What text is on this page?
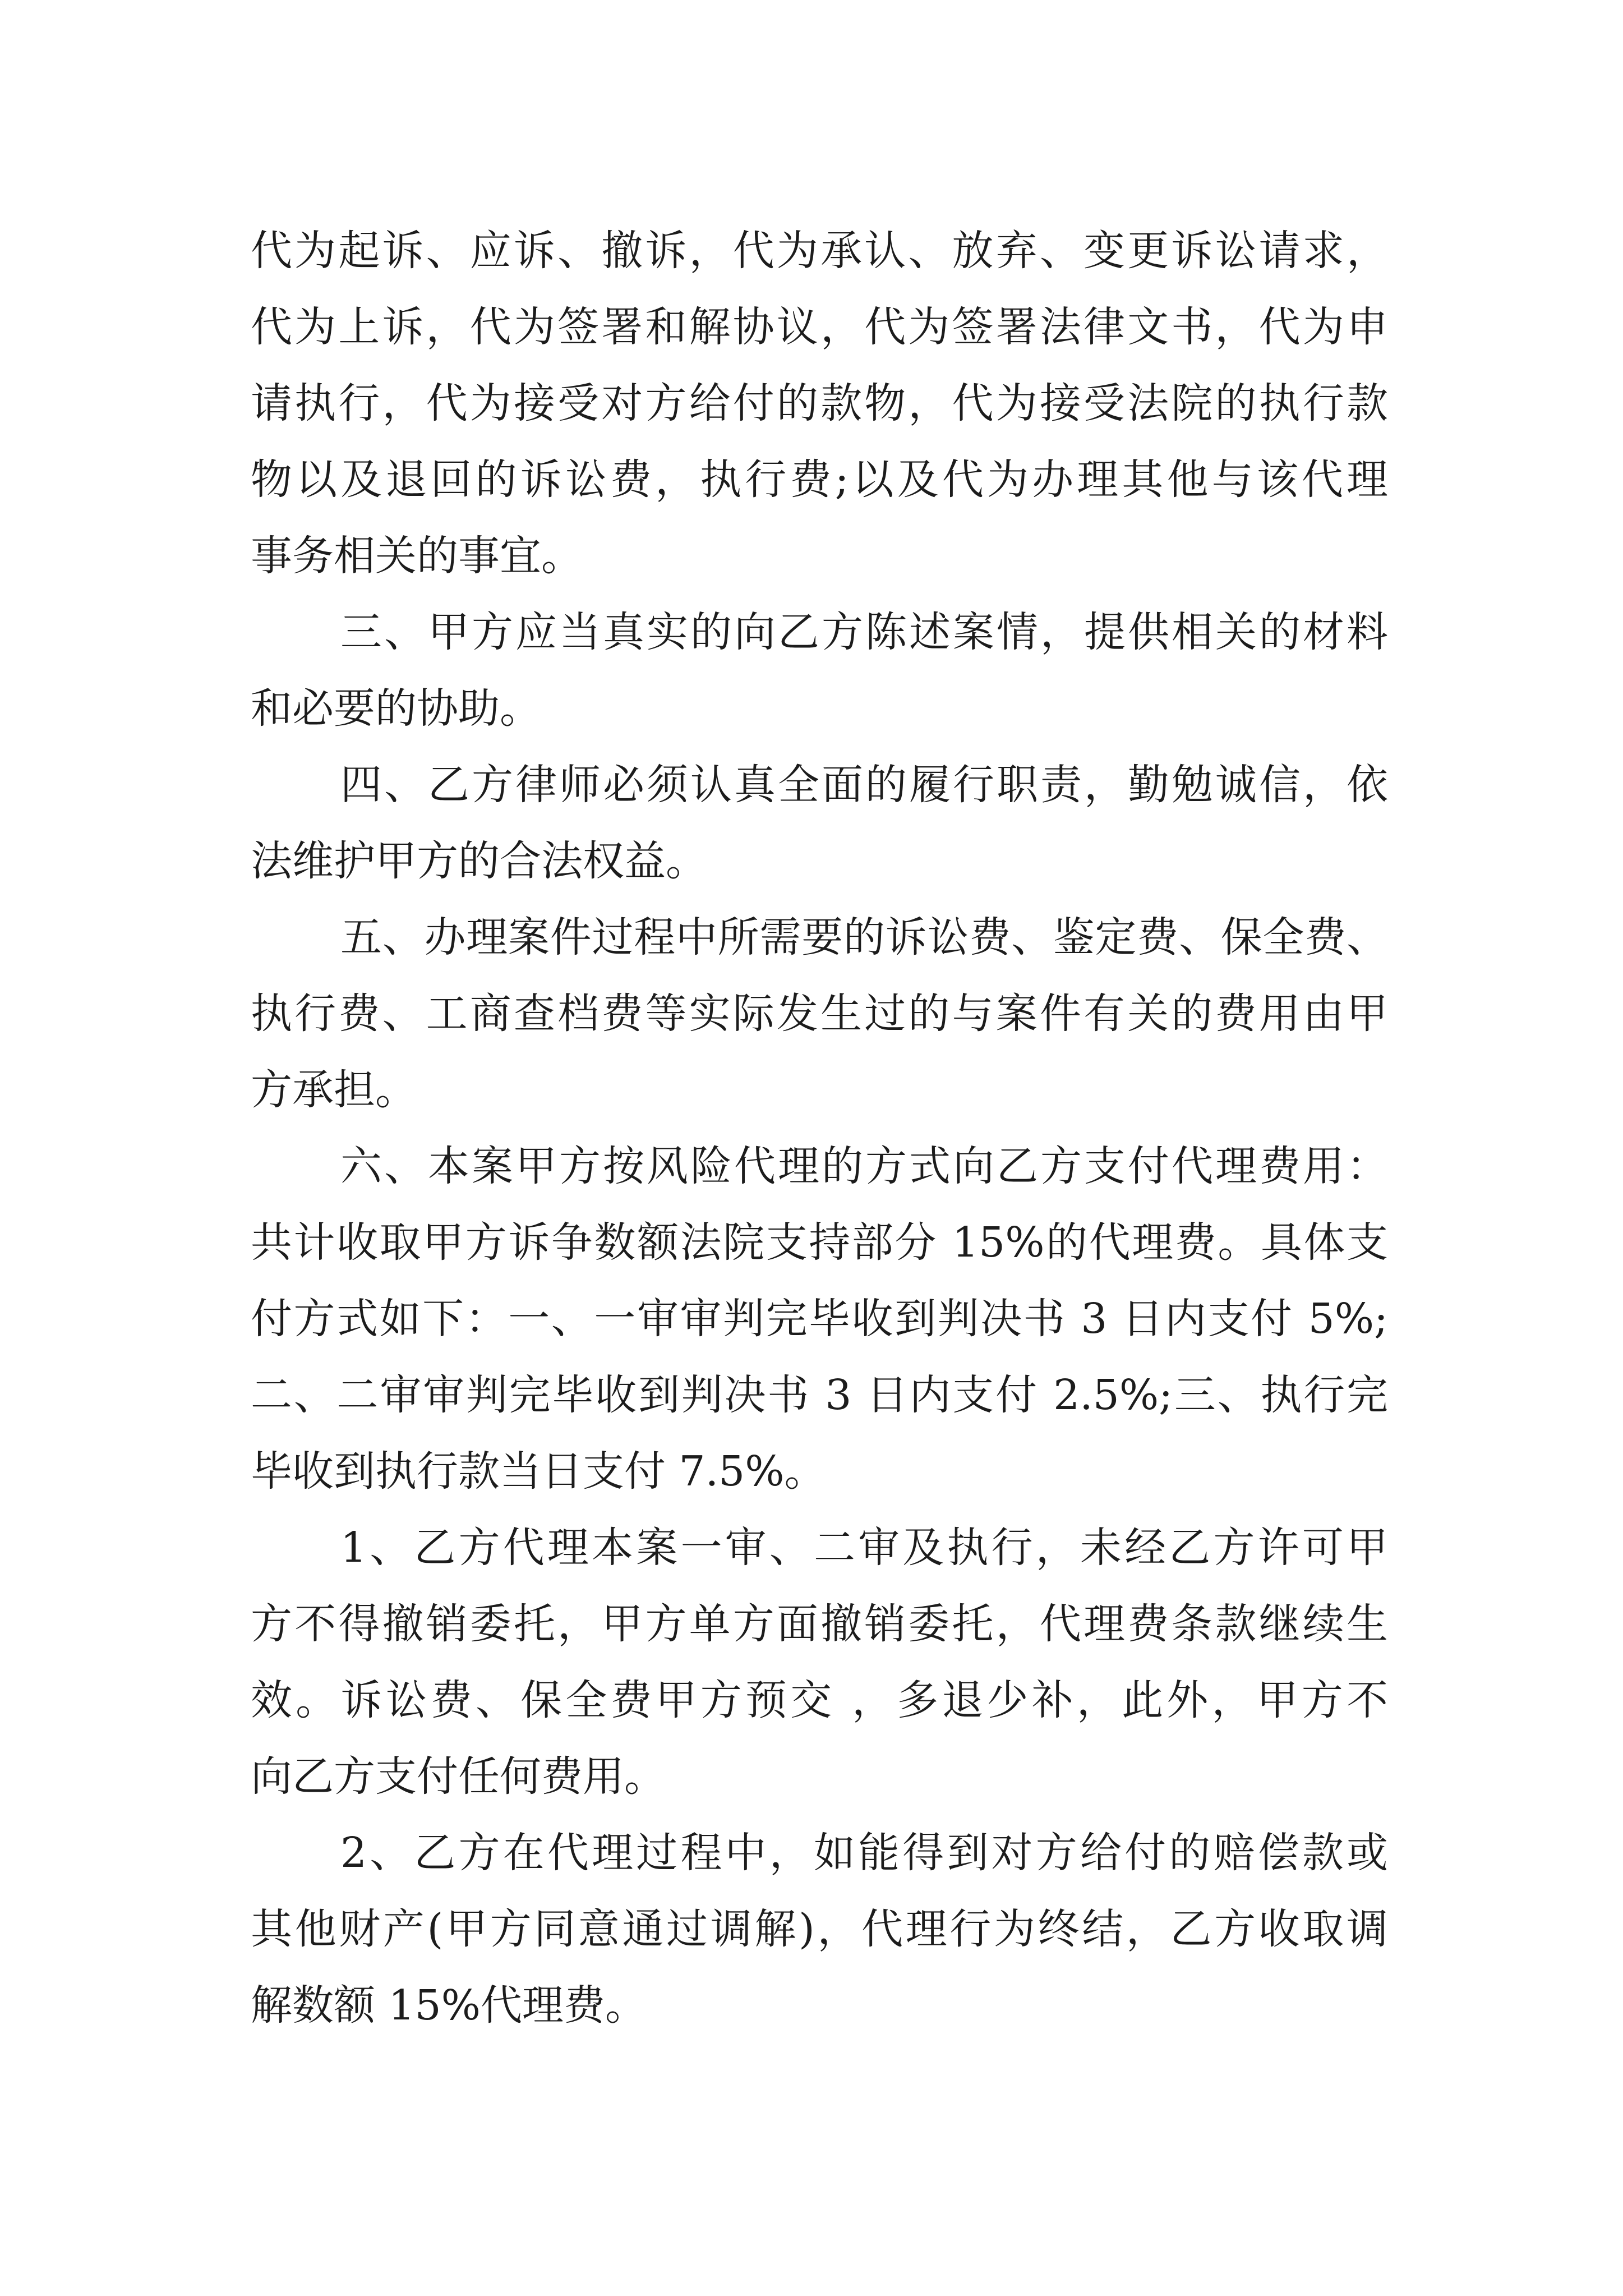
代为起诉、应诉、撤诉，代为承认、放弃、变更诉讼请求，
代为上诉，代为签署和解协议，代为签署法律文书，代为申
请执行，代为接受对方给付的款物，代为接受法院的执行款
物以及退回的诉讼费，执行费;以及代为办理其他与该代理
事务相关的事宜。
三、甲方应当真实的向乙方陈述案情，提供相关的材料
和必要的协助。
四、乙方律师必须认真全面的履行职责，勤勉诚信，依
法维护甲方的合法权益。
五、办理案件过程中所需要的诉讼费、鉴定费、保全费、
执行费、工商查档费等实际发生过的与案件有关的费用由甲
方承担。
六、本案甲方按风险代理的方式向乙方支付代理费用：
共计收取甲方诉争数额法院支持部分 15%的代理费。具体支
付方式如下：一、一审审判完毕收到判决书 3 日内支付 5%;
二、二审审判完毕收到判决书 3 日内支付 2.5%;三、执行完
毕收到执行款当日支付 7.5%。
1、乙方代理本案一审、二审及执行，未经乙方许可甲
方不得撤销委托，甲方单方面撤销委托，代理费条款继续生
效。诉讼费、保全费甲方预交 ，多退少补，此外，甲方不
向乙方支付任何费用。
2、乙方在代理过程中，如能得到对方给付的赔偿款或
其他财产(甲方同意通过调解)，代理行为终结，乙方收取调
解数额 15%代理费。
